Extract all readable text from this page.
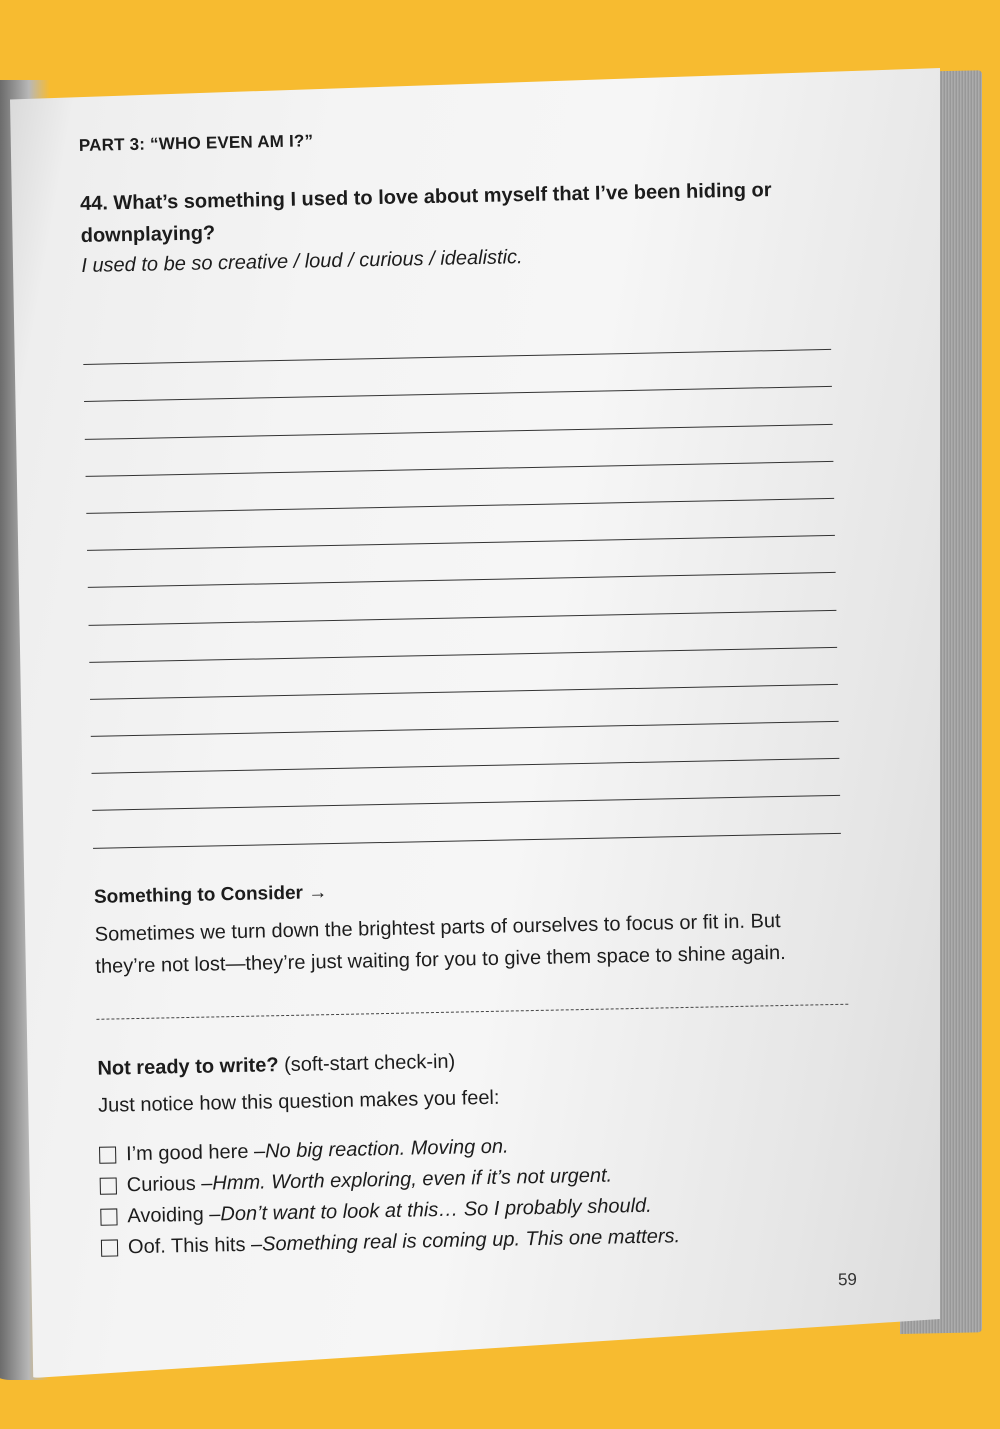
PART 3: “WHO EVEN AM I?”
44. What’s something I used to love about myself that I’ve been hiding or downplaying?
I used to be so creative / loud / curious / idealistic.
Something to Consider →
Sometimes we turn down the brightest parts of ourselves to focus or fit in. But they’re not lost—they’re just waiting for you to give them space to shine again.
Not ready to write? (soft-start check-in)
Just notice how this question makes you feel:
I’m good here – No big reaction. Moving on.
Curious – Hmm. Worth exploring, even if it’s not urgent.
Avoiding – Don’t want to look at this… So I probably should.
Oof. This hits – Something real is coming up. This one matters.
59
